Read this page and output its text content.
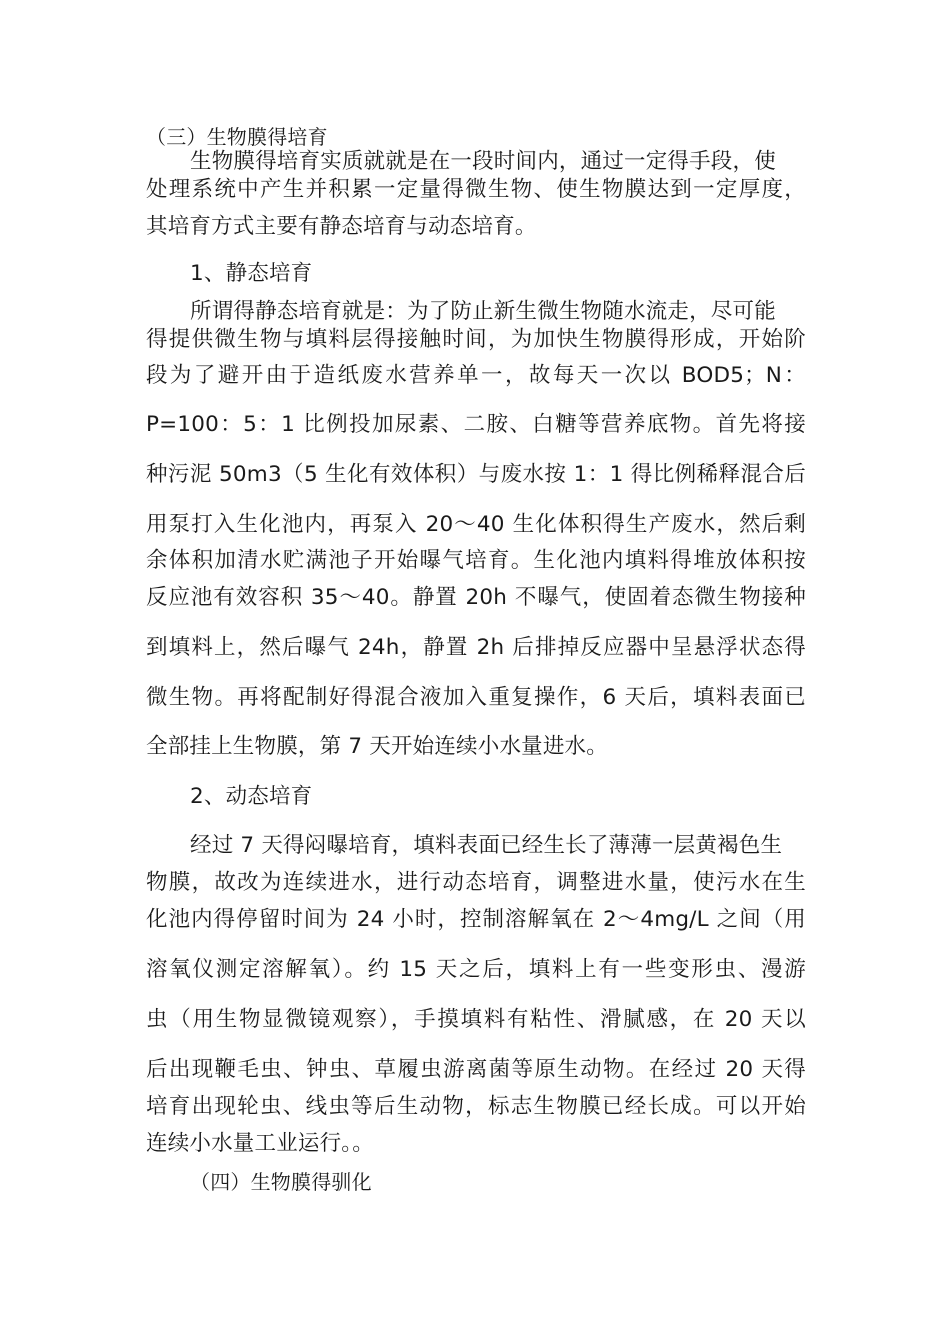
（三）生物膜得培育
生物膜得培育实质就就是在一段时间内，通过一定得手段，使
处理系统中产生并积累一定量得微生物、使生物膜达到一定厚度，
其培育方式主要有静态培育与动态培育。
1、静态培育
所谓得静态培育就是：为了防止新生微生物随水流走，尽可能
得提供微生物与填料层得接触时间，为加快生物膜得形成，开始阶
段为了避开由于造纸废水营养单一，故每天一次以 BOD5；N：
P=100：5：1 比例投加尿素、二胺、白糖等营养底物。首先将接
种污泥 50m3（5 生化有效体积）与废水按 1：1 得比例稀释混合后
用泵打入生化池内，再泵入 20～40 生化体积得生产废水，然后剩
余体积加清水贮满池子开始曝气培育。生化池内填料得堆放体积按
反应池有效容积 35～40。静置 20h 不曝气，使固着态微生物接种
到填料上，然后曝气 24h，静置 2h 后排掉反应器中呈悬浮状态得
微生物。再将配制好得混合液加入重复操作，6 天后，填料表面已
全部挂上生物膜，第 7 天开始连续小水量进水。
2、动态培育
经过 7 天得闷曝培育，填料表面已经生长了薄薄一层黄褐色生
物膜，故改为连续进水，进行动态培育，调整进水量，使污水在生
化池内得停留时间为 24 小时，控制溶解氧在 2～4mg/L 之间（用
溶氧仪测定溶解氧）。约 15 天之后，填料上有一些变形虫、漫游
虫（用生物显微镜观察），手摸填料有粘性、滑腻感，在 20 天以
后出现鞭毛虫、钟虫、草履虫游离菌等原生动物。在经过 20 天得
培育出现轮虫、线虫等后生动物，标志生物膜已经长成。可以开始
连续小水量工业运行。。
（四）生物膜得驯化
